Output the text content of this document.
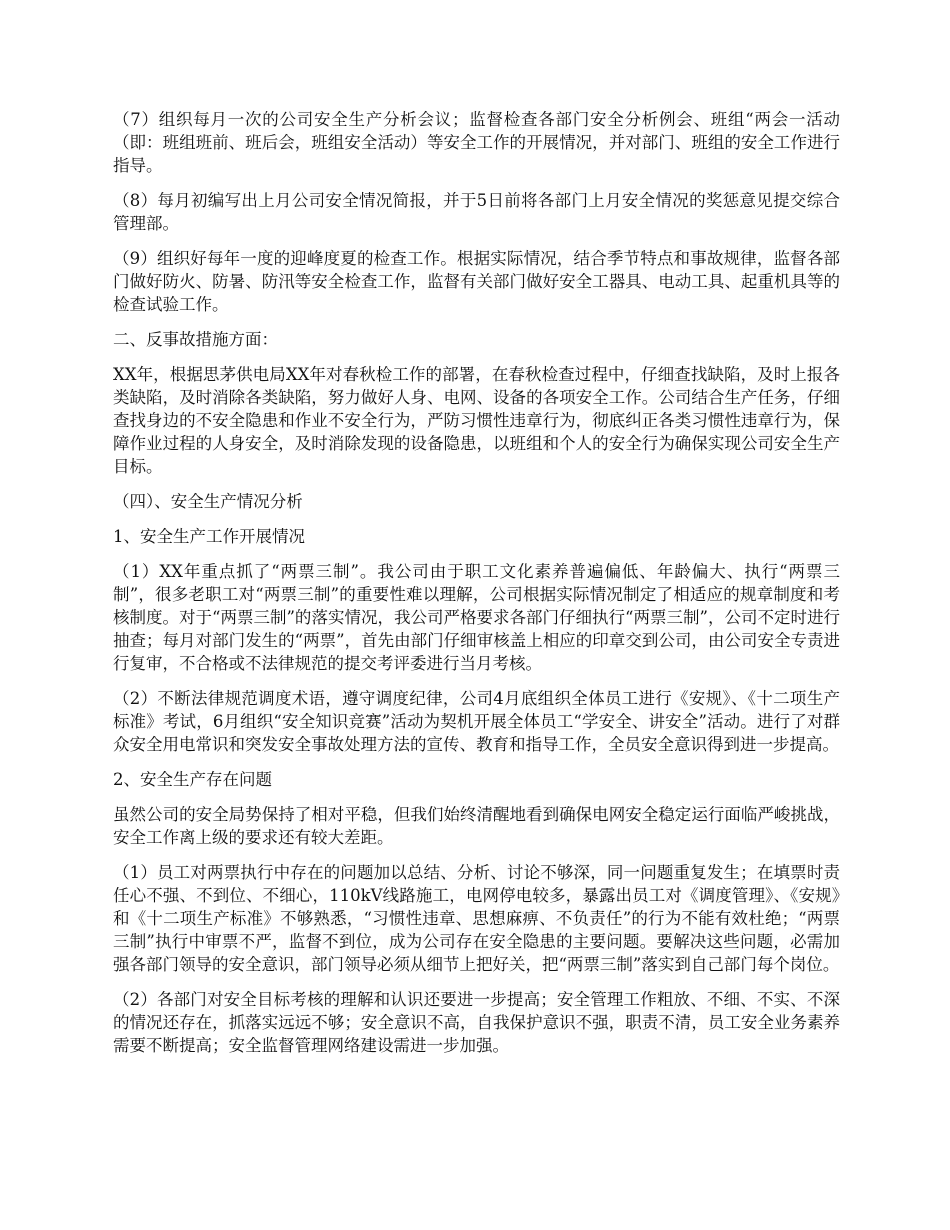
（7）组织每月一次的公司安全生产分析会议；监督检查各部门安全分析例会、班组“两会一活动（即：班组班前、班后会，班组安全活动）等安全工作的开展情况，并对部门、班组的安全工作进行指导。

（8）每月初编写出上月公司安全情况简报，并于5日前将各部门上月安全情况的奖惩意见提交综合管理部。

（9）组织好每年一度的迎峰度夏的检查工作。根据实际情况，结合季节特点和事故规律，监督各部门做好防火、防暑、防汛等安全检查工作，监督有关部门做好安全工器具、电动工具、起重机具等的检查试验工作。

二、反事故措施方面：

XX年，根据思茅供电局XX年对春秋检工作的部署，在春秋检查过程中，仔细查找缺陷，及时上报各类缺陷，及时消除各类缺陷，努力做好人身、电网、设备的各项安全工作。公司结合生产任务，仔细查找身边的不安全隐患和作业不安全行为，严防习惯性违章行为，彻底纠正各类习惯性违章行为，保障作业过程的人身安全，及时消除发现的设备隐患，以班组和个人的安全行为确保实现公司安全生产目标。

（四）、安全生产情况分析

1、安全生产工作开展情况

（1）XX年重点抓了“两票三制”。我公司由于职工文化素养普遍偏低、年龄偏大、执行“两票三制”，很多老职工对“两票三制”的重要性难以理解，公司根据实际情况制定了相适应的规章制度和考核制度。对于“两票三制”的落实情况，我公司严格要求各部门仔细执行“两票三制”，公司不定时进行抽查；每月对部门发生的“两票”，首先由部门仔细审核盖上相应的印章交到公司，由公司安全专责进行复审，不合格或不法律规范的提交考评委进行当月考核。

（2）不断法律规范调度术语，遵守调度纪律，公司4月底组织全体员工进行《安规》、《十二项生产标准》考试，6月组织“安全知识竞赛”活动为契机开展全体员工“学安全、讲安全”活动。进行了对群众安全用电常识和突发安全事故处理方法的宣传、教育和指导工作，全员安全意识得到进一步提高。

2、安全生产存在问题

虽然公司的安全局势保持了相对平稳，但我们始终清醒地看到确保电网安全稳定运行面临严峻挑战，安全工作离上级的要求还有较大差距。

（1）员工对两票执行中存在的问题加以总结、分析、讨论不够深，同一问题重复发生；在填票时责任心不强、不到位、不细心，110kV线路施工，电网停电较多，暴露出员工对《调度管理》、《安规》和《十二项生产标准》不够熟悉，“习惯性违章、思想麻痹、不负责任”的行为不能有效杜绝；“两票三制”执行中审票不严，监督不到位，成为公司存在安全隐患的主要问题。要解决这些问题，必需加强各部门领导的安全意识，部门领导必须从细节上把好关，把“两票三制”落实到自己部门每个岗位。

（2）各部门对安全目标考核的理解和认识还要进一步提高；安全管理工作粗放、不细、不实、不深的情况还存在，抓落实远远不够；安全意识不高，自我保护意识不强，职责不清，员工安全业务素养需要不断提高；安全监督管理网络建设需进一步加强。
